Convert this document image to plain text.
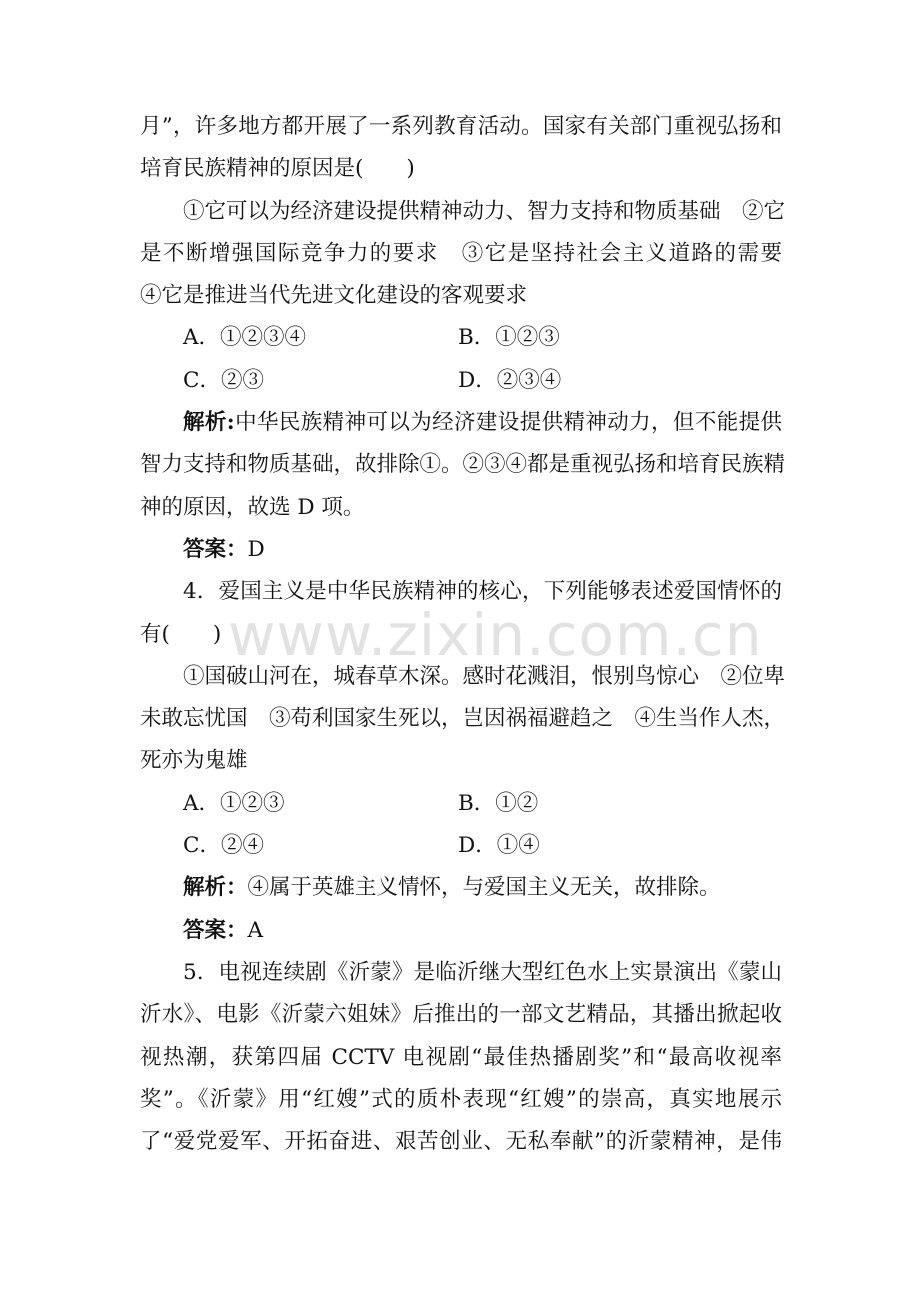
www.zixin.com.cn
月”，许多地方都开展了一系列教育活动。国家有关部门重视弘扬和
培育民族精神的原因是(　　)
①它可以为经济建设提供精神动力、智力支持和物质基础　②它
是不断增强国际竞争力的要求　③它是坚持社会主义道路的需要
④它是推进当代先进文化建设的客观要求
A．①②③④	B．①②③
C．②③	D．②③④
解析:中华民族精神可以为经济建设提供精神动力，但不能提供
智力支持和物质基础，故排除①。②③④都是重视弘扬和培育民族精
神的原因，故选 D 项。
答案：D
4．爱国主义是中华民族精神的核心，下列能够表述爱国情怀的
有(　　)
①国破山河在，城春草木深。感时花溅泪，恨别鸟惊心　②位卑
未敢忘忧国　③苟利国家生死以，岂因祸福避趋之　④生当作人杰，
死亦为鬼雄
A．①②③	B．①②
C．②④	D．①④
解析：④属于英雄主义情怀，与爱国主义无关，故排除。
答案：A
5．电视连续剧《沂蒙》是临沂继大型红色水上实景演出《蒙山
沂水》、电影《沂蒙六姐妹》后推出的一部文艺精品，其播出掀起收
视热潮，获第四届 CCTV 电视剧“最佳热播剧奖”和“最高收视率
奖”。《沂蒙》用“红嫂”式的质朴表现“红嫂”的崇高，真实地展示
了“爱党爱军、开拓奋进、艰苦创业、无私奉献”的沂蒙精神，是伟
